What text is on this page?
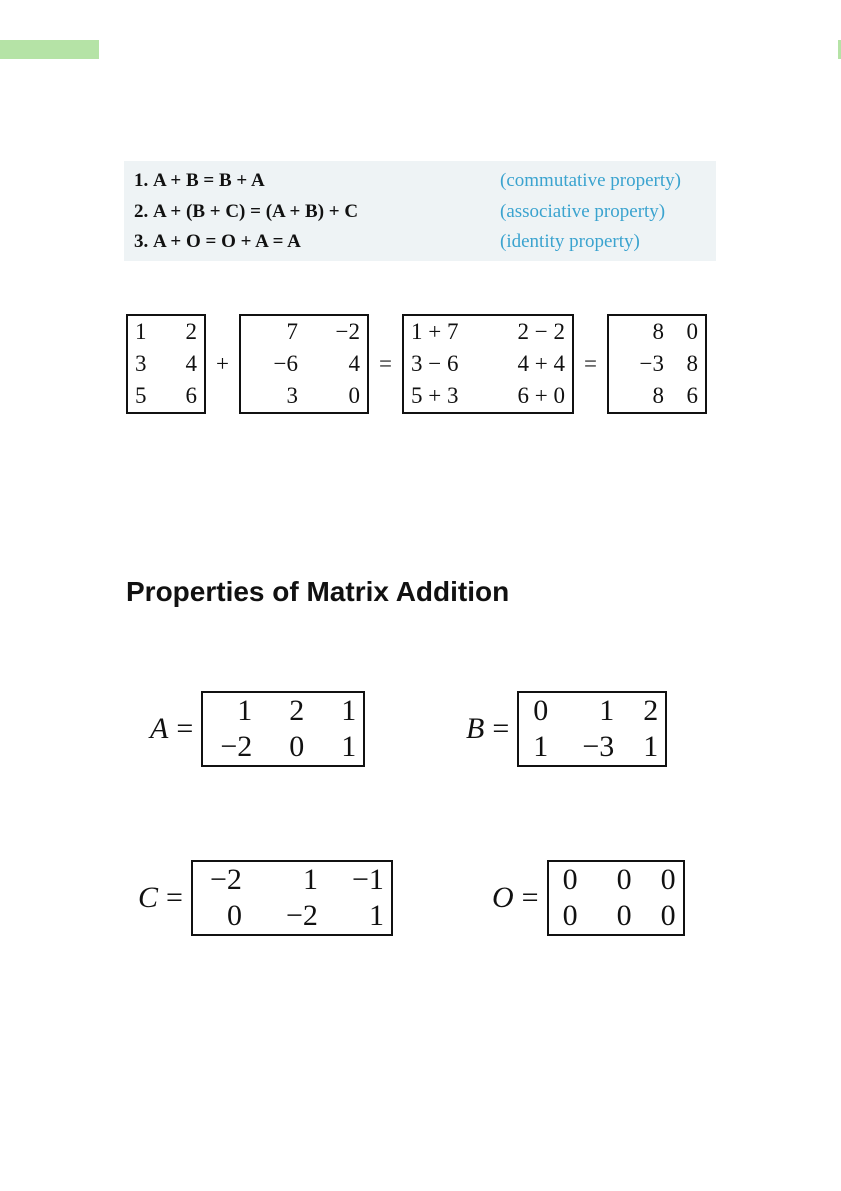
1. A + B = B + A	(commutative property)
2. A + (B + C) = (A + B) + C	(associative property)
3. A + O = O + A = A	(identity property)
1	2
3	4
5	6
+
7	−2
−6	4
3	0
=
1 + 7	2 − 2
3 − 6	4 + 4
5 + 3	6 + 0
=
8 0
−3 8
8 6
Properties of Matrix Addition
A =
1	2	1
−2	0	1
B =
0	1 2
1	−3 1
C =
−2	1	−1
0	−2	1
O =
0	0 0
0	0 0
